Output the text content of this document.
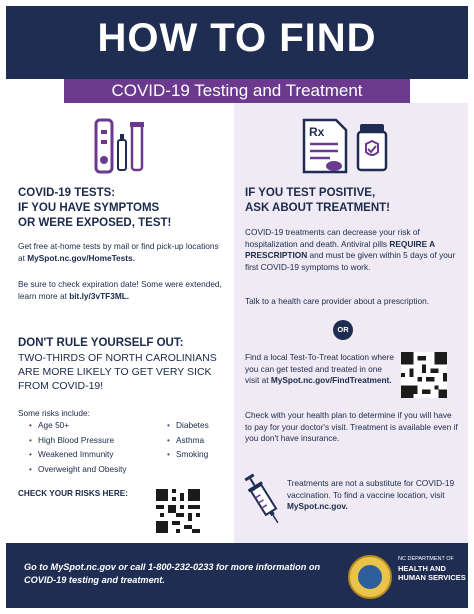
HOW TO FIND
COVID-19 Testing and Treatment
Rx
COVID-19 TESTS:
IF YOU HAVE SYMPTOMS
OR WERE EXPOSED, TEST!
Get free at-home tests by mail or find pick-up locations at MySpot.nc.gov/HomeTests.
Be sure to check expiration date! Some were extended, learn more at bit.ly/3vTF3ML.
DON'T RULE YOURSELF OUT:
TWO-THIRDS OF NORTH CAROLINIANS ARE MORE LIKELY TO GET VERY SICK FROM COVID-19!
Some risks include:
• Age 50+
• High Blood Pressure
• Weakened Immunity
• Overweight and Obesity
• Diabetes
• Asthma
• Smoking
CHECK YOUR RISKS HERE:
IF YOU TEST POSITIVE,
ASK ABOUT TREATMENT!
COVID-19 treatments can decrease your risk of hospitalization and death. Antiviral pills REQUIRE A PRESCRIPTION and must be given within 5 days of your first COVID-19 symptoms to work.
Talk to a health care provider about a prescription.
OR
Find a local Test-To-Treat location where you can get tested and treated in one visit at MySpot.nc.gov/FindTreatment.
Check with your health plan to determine if you will have to pay for your doctor's visit. Treatment is available even if you don't have insurance.
Treatments are not a substitute for COVID-19 vaccination. To find a vaccine location, visit MySpot.nc.gov.
Go to MySpot.nc.gov or call 1-800-232-0233 for more information on COVID-19 testing and treatment.
NC DEPARTMENT OF
HEALTH AND
HUMAN SERVICES
